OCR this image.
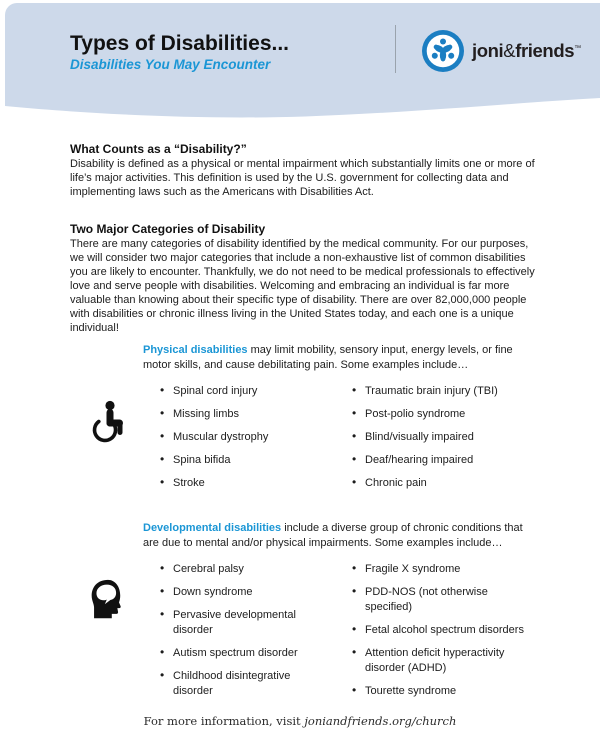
Types of Disabilities...
Disabilities You May Encounter
joni&friends™
What Counts as a “Disability?”

Disability is defined as a physical or mental impairment which substantially limits one or more of life’s major activities. This definition is used by the U.S. government for collecting data and implementing laws such as the Americans with Disabilities Act.

Two Major Categories of Disability

There are many categories of disability identified by the medical community. For our purposes, we will consider two major categories that include a non-exhaustive list of common disabilities you are likely to encounter. Thankfully, we do not need to be medical professionals to effectively love and serve people with disabilities. Welcoming and embracing an individual is far more valuable than knowing about their specific type of disability. There are over 82,000,000 people with disabilities or chronic illness living in the United States today, and each one is a unique individual!

Physical disabilities may limit mobility, sensory input, energy levels, or fine motor skills, and cause debilitating pain. Some examples include…

• Spinal cord injury
• Missing limbs
• Muscular dystrophy
• Spina bifida
• Stroke
• Traumatic brain injury (TBI)
• Post-polio syndrome
• Blind/visually impaired
• Deaf/hearing impaired
• Chronic pain

Developmental disabilities include a diverse group of chronic conditions that are due to mental and/or physical impairments. Some examples include…

• Cerebral palsy
• Down syndrome
• Pervasive developmental disorder
• Autism spectrum disorder
• Childhood disintegrative disorder
• Fragile X syndrome
• PDD-NOS (not otherwise specified)
• Fetal alcohol spectrum disorders
• Attention deficit hyperactivity disorder (ADHD)
• Tourette syndrome
For more information, visit joniandfriends.org/church
